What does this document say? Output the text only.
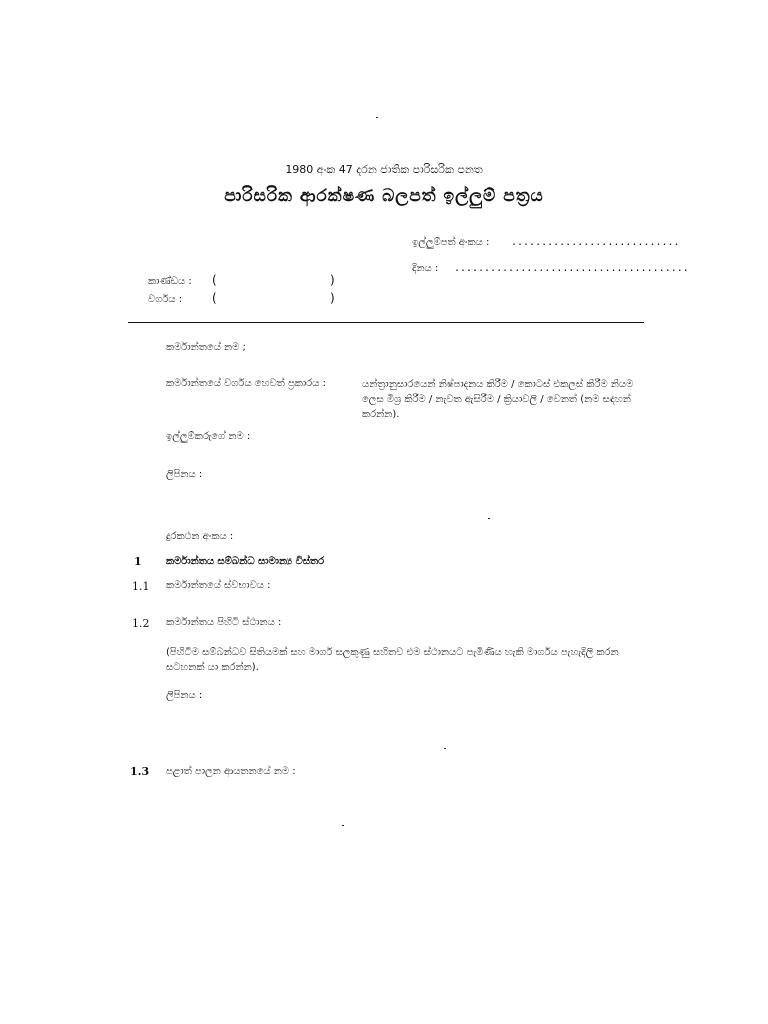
1980 අංක 47 දරන ජාතික පාරිසරික පනත
පාරිසරික ආරක්ෂණ බලපත් ඉල්ලුම් පත්‍රය
ඉල්ලුම්පත් අංකය : ............................
දිනය : .......................................
කාණ්ඩය : (	)
වර්ගය : (	)
කර්මාන්තයේ නම ;
කර්මාන්තයේ වර්ගය හෙවත් ප්‍රකාරය :	යන්ත්‍රානුසාරයෙන් නිෂ්පාදනය කිරීම / කොටස් එකලස් කිරීම නියම ලෙස මිශ්‍ර කිරීම / නැවත ඇසිරීම / ක්‍රියාවලි / වෙනත් (නම සඳහන් කරන්න).
ඉල්ලුම්කරුගේ නම :
ලිපිනය :
දුරකථන අංකය :
1 කර්මාන්තය සම්බන්ධ සාමාන්‍ය විස්තර
1.1 කර්මාන්තයේ ස්වභාවය :
1.2 කර්මාන්තය පිහිටි ස්ථානය :
(පිහිටීම සම්බන්ධව සිතියමක් සහ මාර්ග සලකුණු සහිතව එම ස්ථානයට පැමිණිය හැකි මාර්ගය පැහැදිලි කරන සටහනක් යා කරන්න).
ලිපිනය :
1.3 පළාත් පාලන ආයතනයේ නම :
